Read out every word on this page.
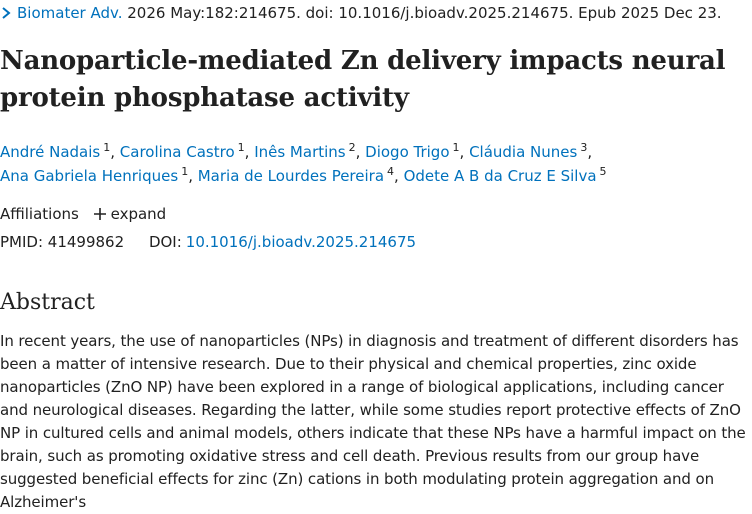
Biomater Adv. 2026 May:182:214675. doi: 10.1016/j.bioadv.2025.214675. Epub 2025 Dec 23.
Nanoparticle-mediated Zn delivery impacts neural protein phosphatase activity
André Nadais $^1$, Carolina Castro $^1$, Inês Martins $^2$, Diogo Trigo $^1$, Cláudia Nunes $^3$,
Ana Gabriela Henriques $^1$, Maria de Lourdes Pereira $^4$, Odete A B da Cruz E Silva $^5$
Affiliations expand
PMID: 41499862 DOI: 10.1016/j.bioadv.2025.214675
Abstract

In recent years, the use of nanoparticles (NPs) in diagnosis and treatment of different disorders has been a matter of intensive research. Due to their physical and chemical properties, zinc oxide nanoparticles (ZnO NP) have been explored in a range of biological applications, including cancer and neurological diseases. Regarding the latter, while some studies report protective effects of ZnO NP in cultured cells and animal models, others indicate that these NPs have a harmful impact on the brain, such as promoting oxidative stress and cell death. Previous results from our group have suggested beneficial effects for zinc (Zn) cations in both modulating protein aggregation and on Alzheimer's
